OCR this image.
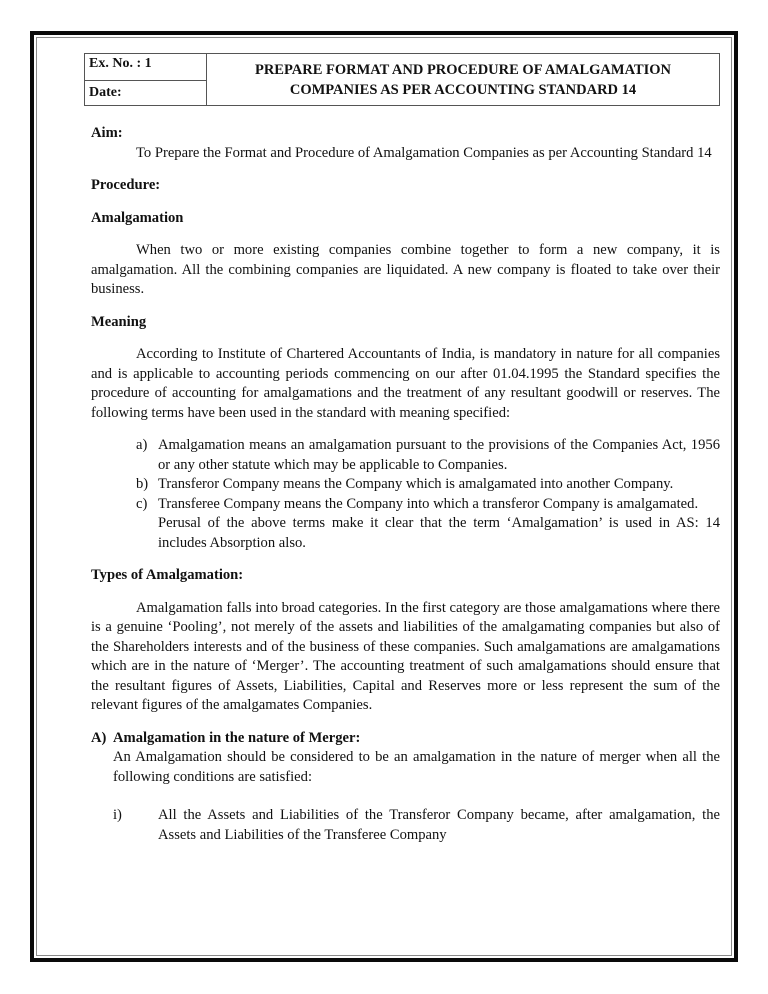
Ex. No. : 1
Date:
PREPARE FORMAT AND PROCEDURE OF AMALGAMATION
COMPANIES AS PER ACCOUNTING STANDARD 14

Aim:

To Prepare the Format and Procedure of Amalgamation Companies as per Accounting Standard 14

Procedure:

Amalgamation

When two or more existing companies combine together to form a new company, it is amalgamation. All the combining companies are liquidated. A new company is floated to take over their business.

Meaning

According to Institute of Chartered Accountants of India, is mandatory in nature for all companies and is applicable to accounting periods commencing on our after 01.04.1995 the Standard specifies the procedure of accounting for amalgamations and the treatment of any resultant goodwill or reserves. The following terms have been used in the standard with meaning specified:

a) Amalgamation means an amalgamation pursuant to the provisions of the Companies Act, 1956 or any other statute which may be applicable to Companies.
b) Transferor Company means the Company which is amalgamated into another Company.
c) Transferee Company means the Company into which a transferor Company is amalgamated.

Perusal of the above terms make it clear that the term ‘Amalgamation’ is used in AS: 14 includes Absorption also.

Types of Amalgamation:

Amalgamation falls into broad categories. In the first category are those amalgamations where there is a genuine ‘Pooling’, not merely of the assets and liabilities of the amalgamating companies but also of the Shareholders interests and of the business of these companies. Such amalgamations are amalgamations which are in the nature of ‘Merger’. The accounting treatment of such amalgamations should ensure that the resultant figures of Assets, Liabilities, Capital and Reserves more or less represent the sum of the relevant figures of the amalgamates Companies.

A) Amalgamation in the nature of Merger:

An Amalgamation should be considered to be an amalgamation in the nature of merger when all the following conditions are satisfied:

i) All the Assets and Liabilities of the Transferor Company became, after amalgamation, the Assets and Liabilities of the Transferee Company
